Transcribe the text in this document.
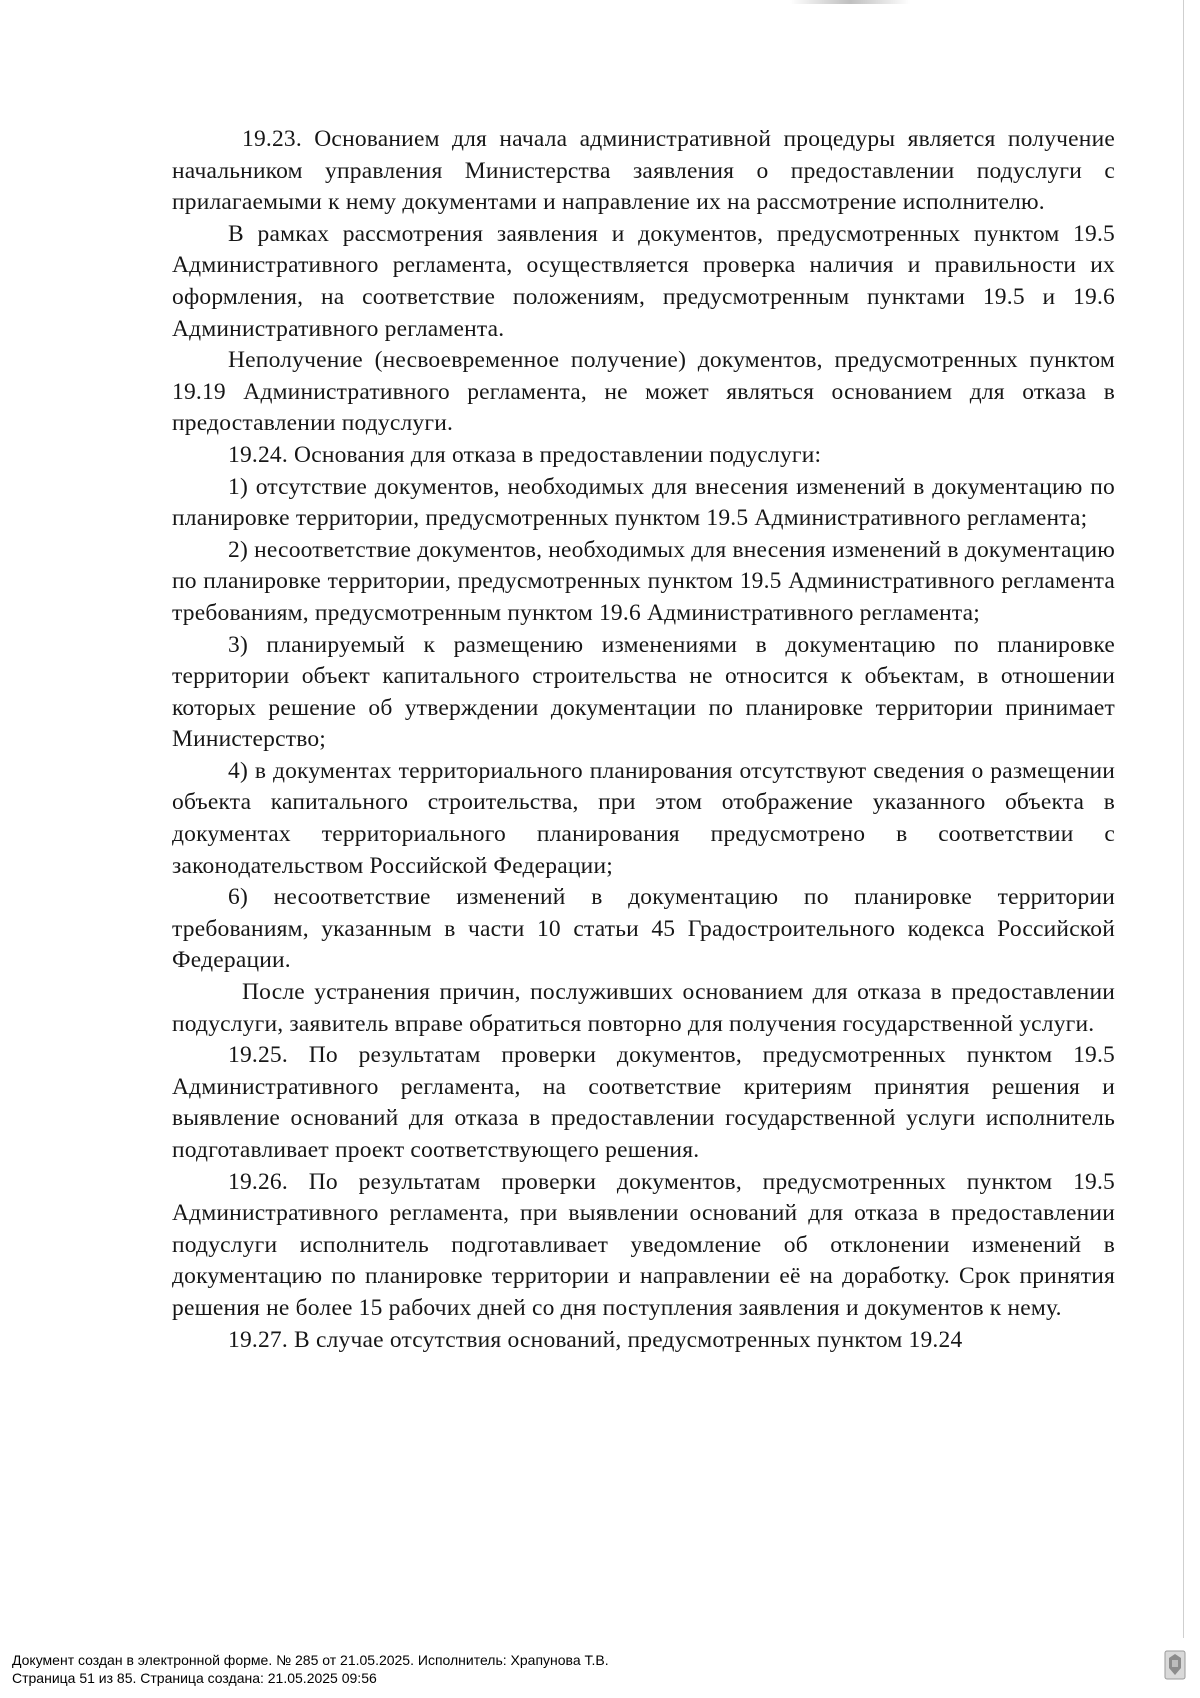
19.23. Основанием для начала административной процедуры является получение начальником управления Министерства заявления о предоставлении подуслуги с прилагаемыми к нему документами и направление их на рассмотрение исполнителю.

В рамках рассмотрения заявления и документов, предусмотренных пунктом 19.5 Административного регламента, осуществляется проверка наличия и правильности их оформления, на соответствие положениям, предусмотренным пунктами 19.5 и 19.6 Административного регламента.

Неполучение (несвоевременное получение) документов, предусмотренных пунктом 19.19 Административного регламента, не может являться основанием для отказа в предоставлении подуслуги.

19.24. Основания для отказа в предоставлении подуслуги:

1) отсутствие документов, необходимых для внесения изменений в документацию по планировке территории, предусмотренных пунктом 19.5 Административного регламента;

2) несоответствие документов, необходимых для внесения изменений в документацию по планировке территории, предусмотренных пунктом 19.5 Административного регламента требованиям, предусмотренным пунктом 19.6 Административного регламента;

3) планируемый к размещению изменениями в документацию по планировке территории объект капитального строительства не относится к объектам, в отношении которых решение об утверждении документации по планировке территории принимает Министерство;

4) в документах территориального планирования отсутствуют сведения о размещении объекта капитального строительства, при этом отображение указанного объекта в документах территориального планирования предусмотрено в соответствии с законодательством Российской Федерации;

6) несоответствие изменений в документацию по планировке территории требованиям, указанным в части 10 статьи 45 Градостроительного кодекса Российской Федерации.

После устранения причин, послуживших основанием для отказа в предоставлении подуслуги, заявитель вправе обратиться повторно для получения государственной услуги.

19.25. По результатам проверки документов, предусмотренных пунктом 19.5 Административного регламента, на соответствие критериям принятия решения и выявление оснований для отказа в предоставлении государственной услуги исполнитель подготавливает проект соответствующего решения.

19.26. По результатам проверки документов, предусмотренных пунктом 19.5 Административного регламента, при выявлении оснований для отказа в предоставлении подуслуги исполнитель подготавливает уведомление об отклонении изменений в документацию по планировке территории и направлении её на доработку. Срок принятия решения не более 15 рабочих дней со дня поступления заявления и документов к нему.

19.27. В случае отсутствия оснований, предусмотренных пунктом 19.24

Документ создан в электронной форме. № 285 от 21.05.2025. Исполнитель: Храпунова Т.В.
Страница 51 из 85. Страница создана: 21.05.2025 09:56
